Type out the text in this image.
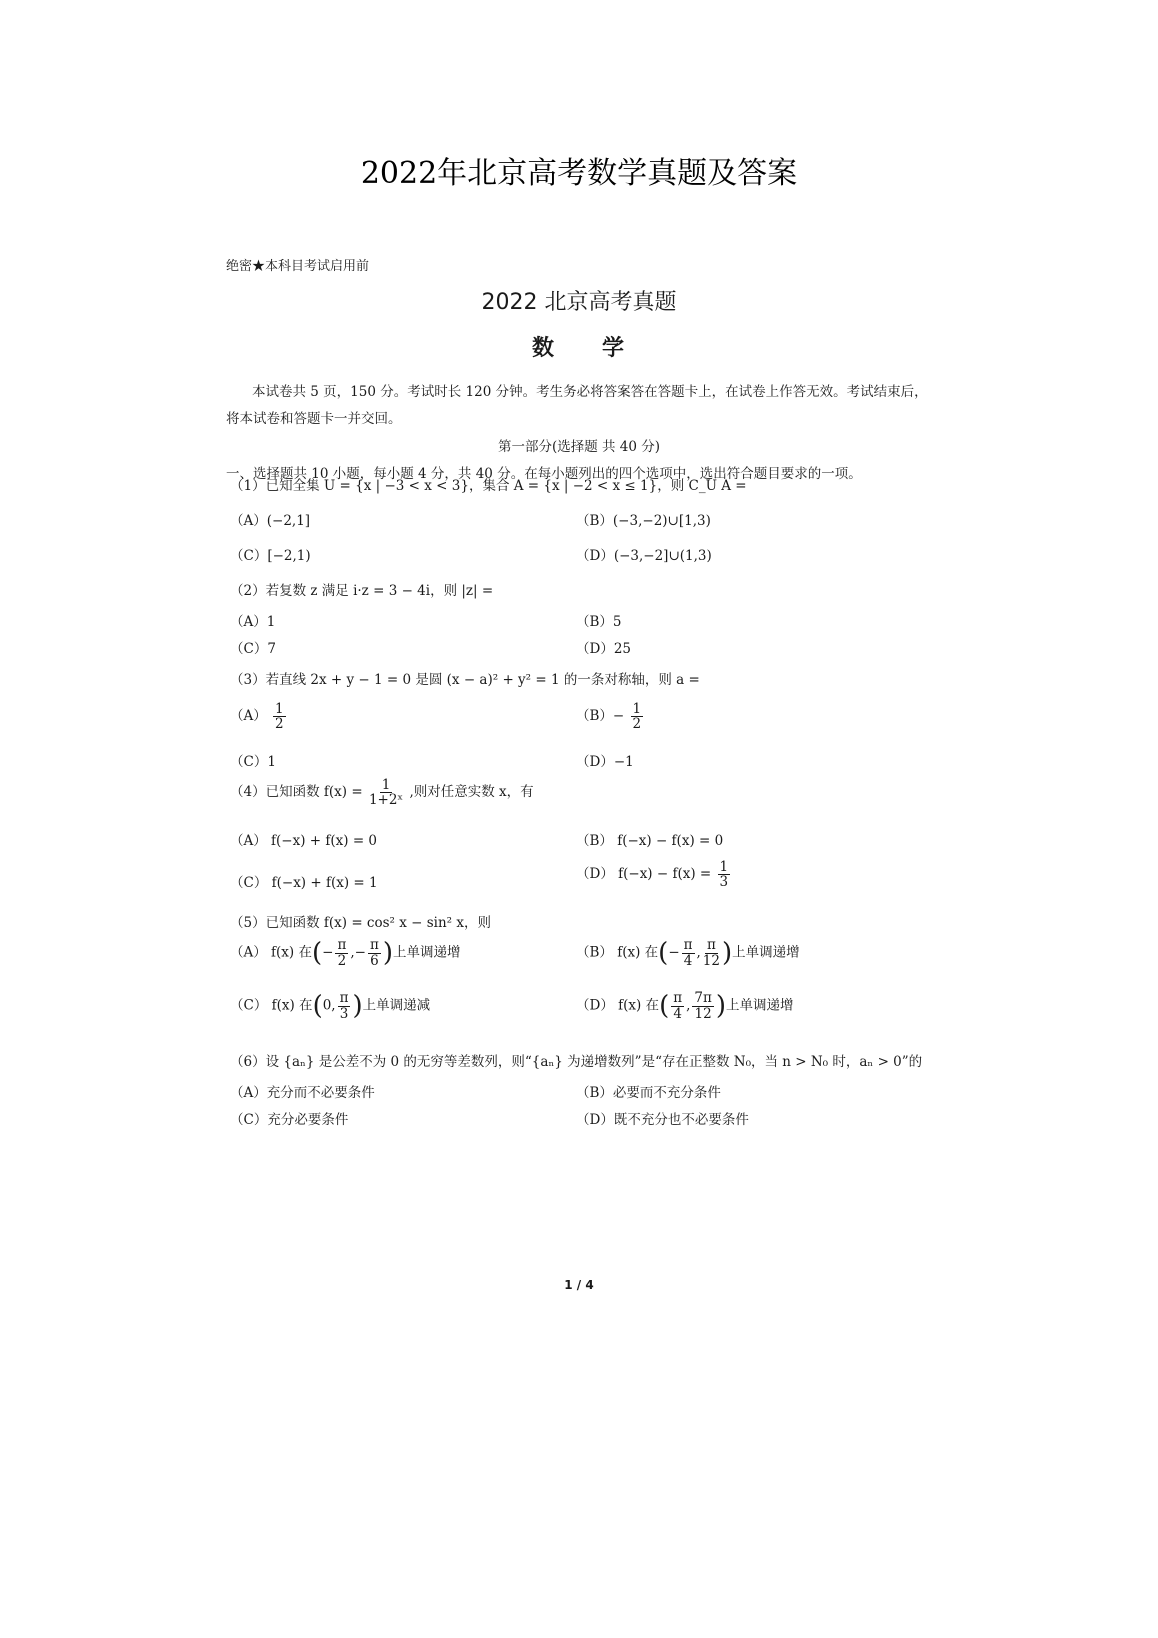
2022年北京高考数学真题及答案
绝密★本科目考试启用前
2022 北京高考真题
数 学
本试卷共 5 页，150 分。考试时长 120 分钟。考生务必将答案答在答题卡上，在试卷上作答无效。考试结束后，
将本试卷和答题卡一并交回。
第一部分(选择题 共 40 分)
一、选择题共 10 小题，每小题 4 分，共 40 分。在每小题列出的四个选项中，选出符合题目要求的一项。
（1）已知全集 U = {x | −3 < x < 3}，集合 A = {x | −2 < x ≤ 1}，则 C_U A =
（A）(−2,1]	（B）(−3,−2)∪[1,3)
（C）[−2,1)	（D）(−3,−2]∪(1,3)
（2）若复数 z 满足 i·z = 3 − 4i，则 |z| =
（A）1	（B）5
（C）7	（D）25
（3）若直线 2x + y − 1 = 0 是圆 (x − a)² + y² = 1 的一条对称轴，则 a =
$(A) \frac{1}{2}$	$(B)- \frac{1}{2}$
（C）1	（D）−1
（4）已知函数 $f(x) = \frac{1}{\text{1+2ˣ}}$ ,则对任意实数 x，有
（A） f(−x) + f(x) = 0	（B） f(−x) − f(x) = 0
（C） f(−x) + f(x) = 1
（D） $f(-x) - f(x) = \frac{1}{3}$
（5）已知函数 f(x) = cos² x − sin² x，则
（A） f(x) 在(− $\frac{\pi}{2}$ ,− $\frac{\pi}{6}$ )上单调递增	（B） f(x) 在(− $\frac{\pi}{4}$ , $\frac{\pi}{12}$ )上单调递增
（C） f(x) 在(0, $\frac{\pi}{3}$ )上单调递减	（D） f(x) 在( $\frac{\pi}{4}$ , $\frac{7\pi}{12}$ )上单调递增
（6）设 {aₙ} 是公差不为 0 的无穷等差数列，则“{aₙ} 为递增数列”是“存在正整数 N₀，当 n > N₀ 时，aₙ > 0”的
（A）充分而不必要条件	（B）必要而不充分条件
（C）充分必要条件	（D）既不充分也不必要条件
1 / 4
